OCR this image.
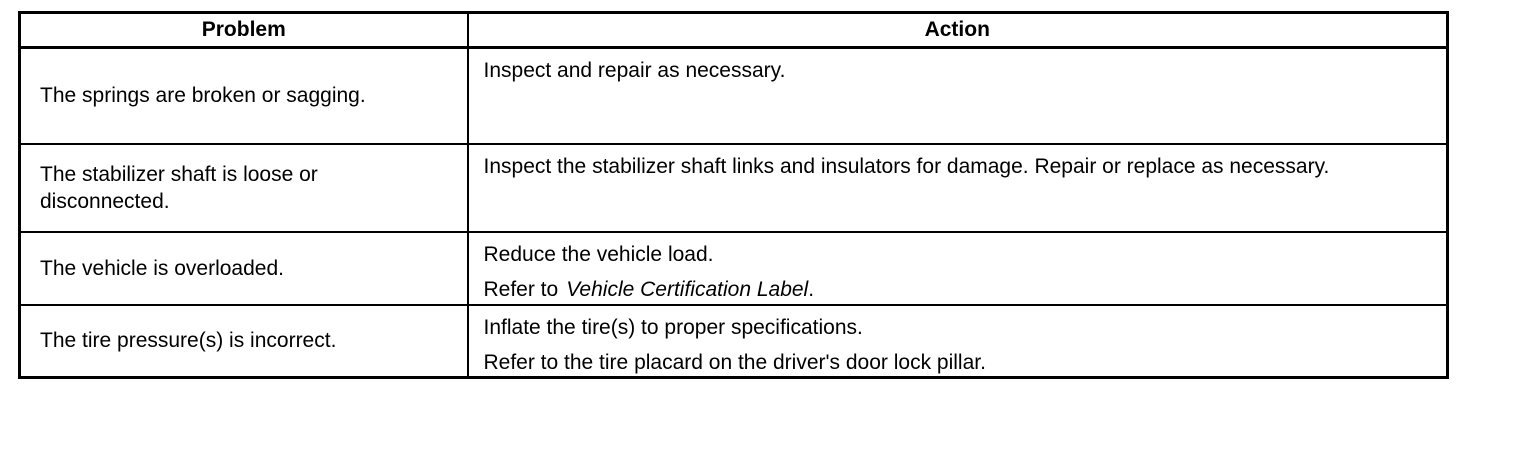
Problem	Action
The springs are broken or sagging.	Inspect and repair as necessary.

The stabilizer shaft is loose or disconnected.	Inspect the stabilizer shaft links and insulators for damage. Repair or replace as necessary.

The vehicle is overloaded.	Reduce the vehicle load.
Refer to Vehicle Certification Label.

The tire pressure(s) is incorrect.	Inflate the tire(s) to proper specifications.
Refer to the tire placard on the driver's door lock pillar.
